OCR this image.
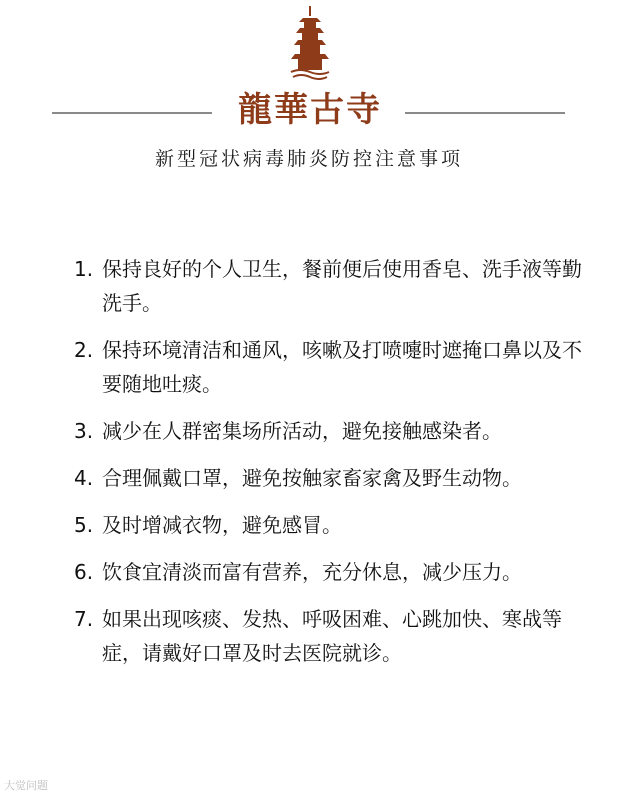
龍華古寺
新型冠状病毒肺炎防控注意事项
1. 保持良好的个人卫生，餐前便后使用香皂、洗手液等勤洗手。
2. 保持环境清洁和通风，咳嗽及打喷嚏时遮掩口鼻以及不要随地吐痰。
3. 减少在人群密集场所活动，避免接触感染者。
4. 合理佩戴口罩，避免按触家畜家禽及野生动物。
5. 及时增减衣物，避免感冒。
6. 饮食宜清淡而富有营养，充分休息，减少压力。
7. 如果出现咳痰、发热、呼吸困难、心跳加快、寒战等症，请戴好口罩及时去医院就诊。
大觉问题
